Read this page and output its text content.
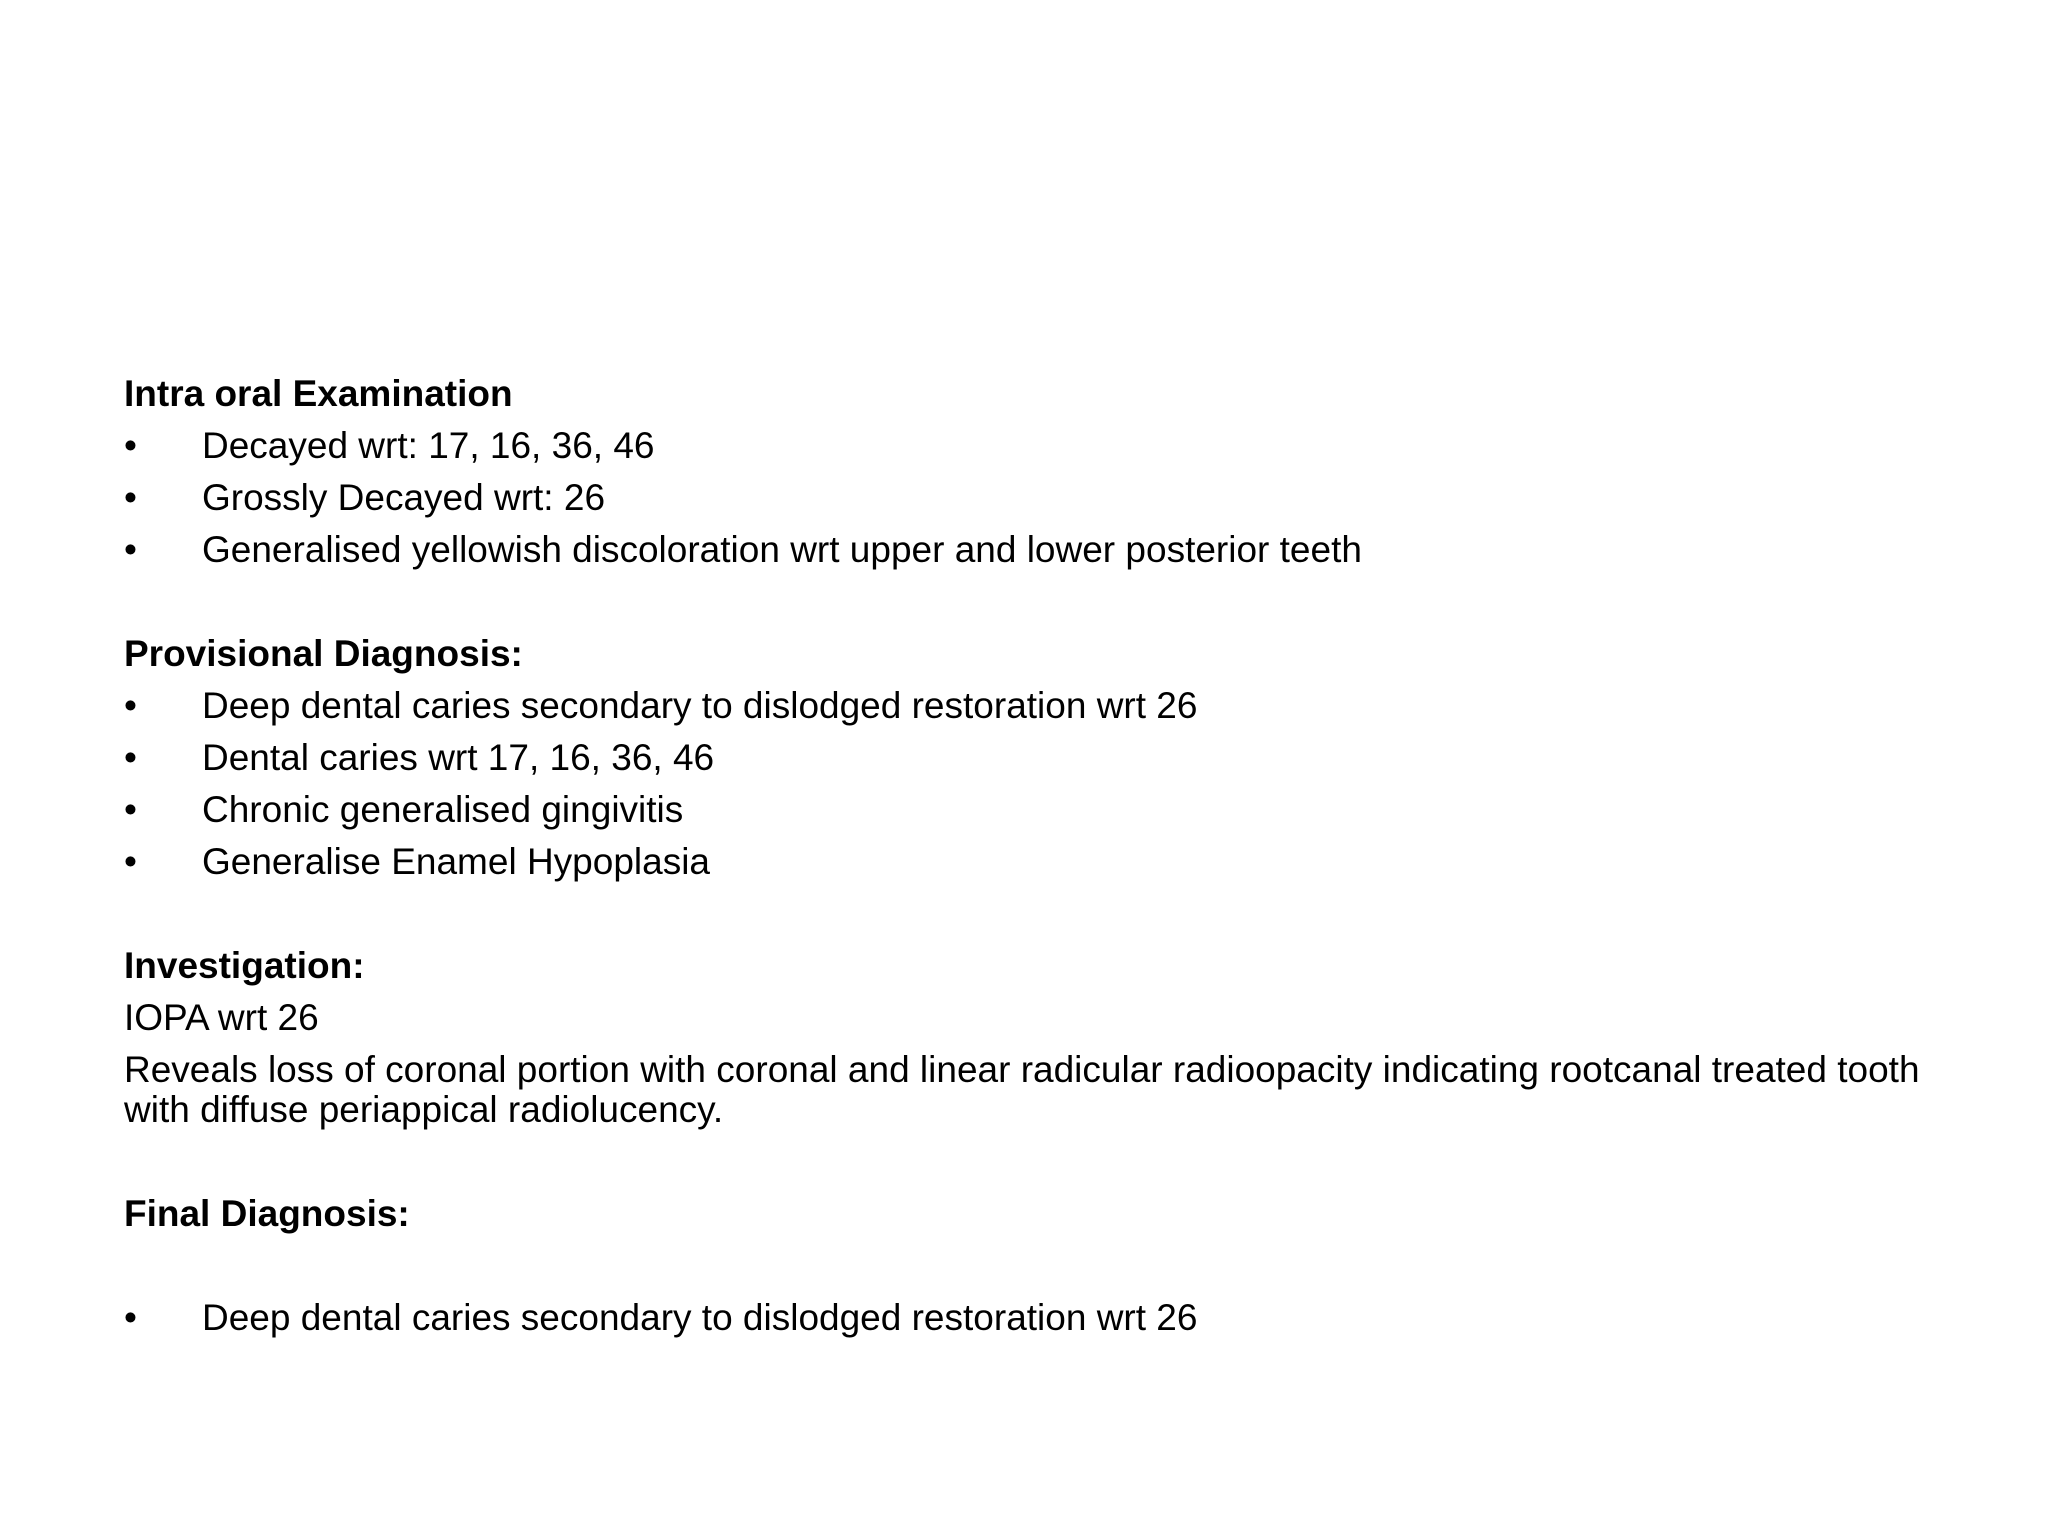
Intra oral Examination
•	Decayed wrt: 17, 16, 36, 46
•	Grossly Decayed wrt: 26
•	Generalised yellowish discoloration wrt upper and lower posterior teeth
Provisional Diagnosis:
•	Deep dental caries secondary to dislodged restoration wrt 26
•	Dental caries wrt 17, 16, 36, 46
•	Chronic generalised gingivitis
•	Generalise Enamel Hypoplasia
Investigation:
IOPA wrt 26
Reveals loss of coronal portion with coronal and linear radicular radioopacity indicating rootcanal treated tooth with diffuse periappical radiolucency.
Final Diagnosis:
•	Deep dental caries secondary to dislodged restoration wrt 26
